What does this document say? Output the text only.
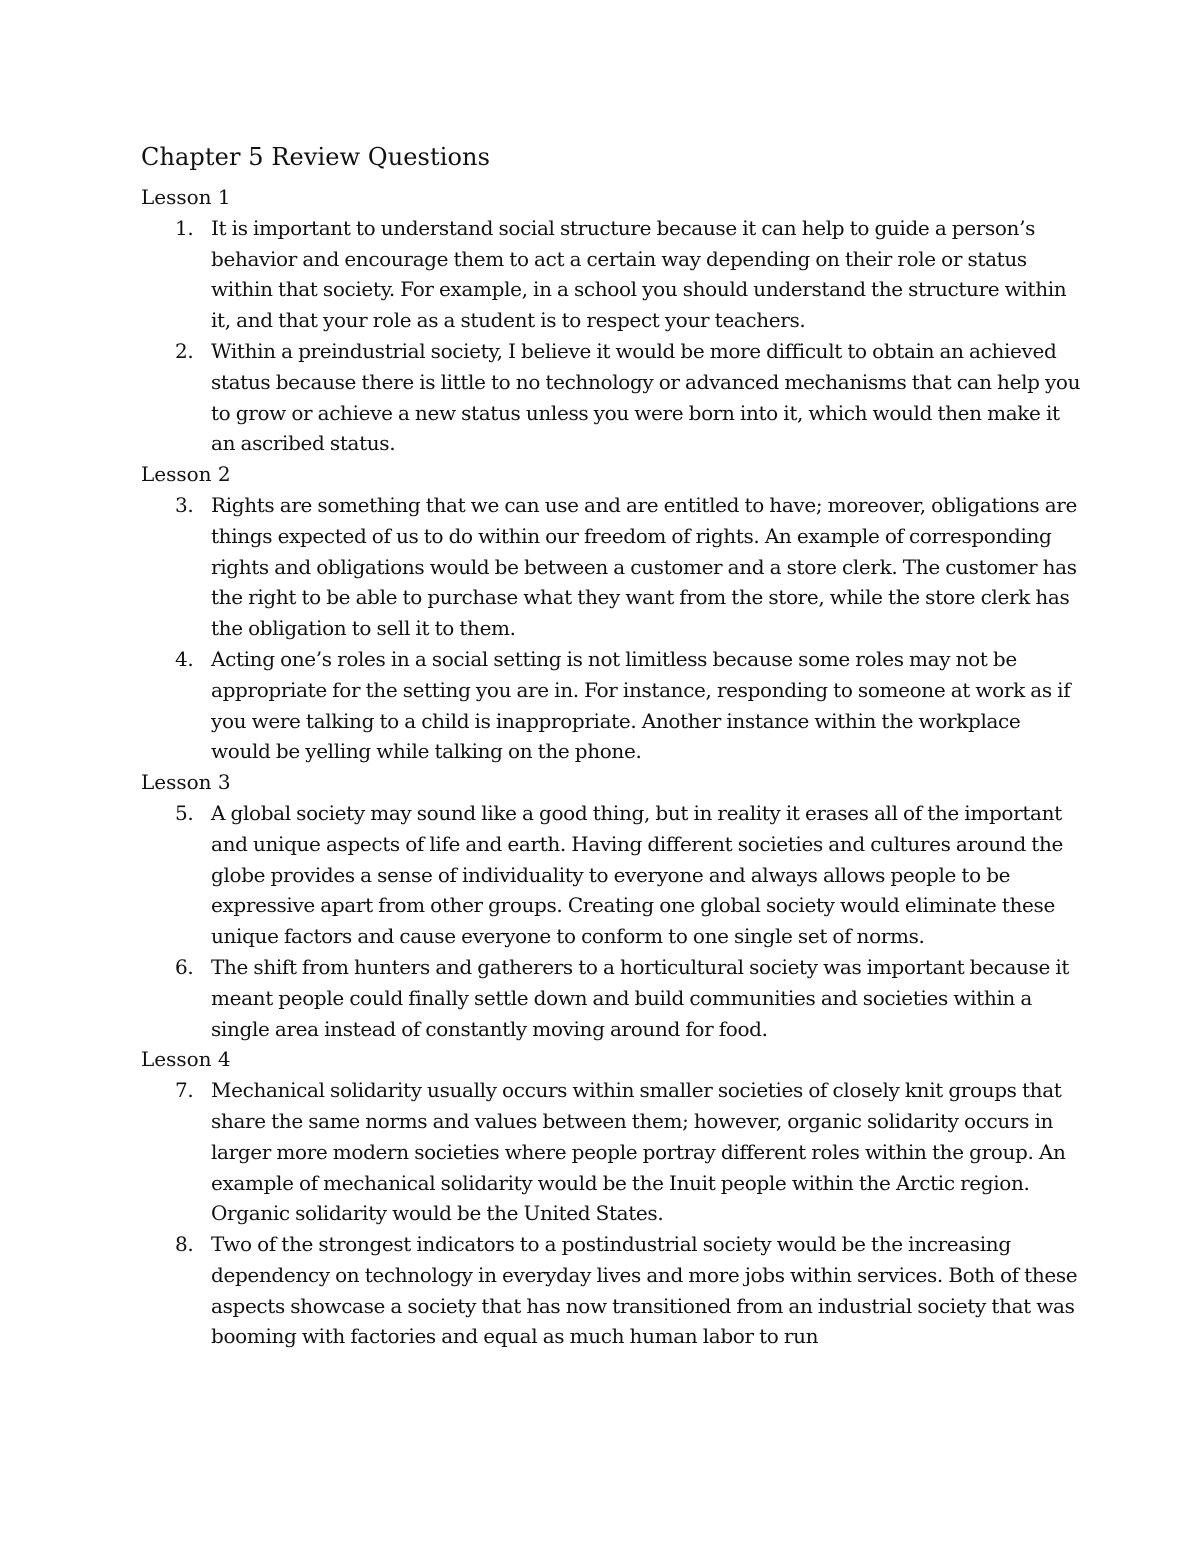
Chapter 5 Review Questions
Lesson 1
1. It is important to understand social structure because it can help to guide a person’s behavior and encourage them to act a certain way depending on their role or status within that society. For example, in a school you should understand the structure within it, and that your role as a student is to respect your teachers.
2. Within a preindustrial society, I believe it would be more difficult to obtain an achieved status because there is little to no technology or advanced mechanisms that can help you to grow or achieve a new status unless you were born into it, which would then make it an ascribed status.
Lesson 2
3. Rights are something that we can use and are entitled to have; moreover, obligations are things expected of us to do within our freedom of rights. An example of corresponding rights and obligations would be between a customer and a store clerk. The customer has the right to be able to purchase what they want from the store, while the store clerk has the obligation to sell it to them.
4. Acting one’s roles in a social setting is not limitless because some roles may not be appropriate for the setting you are in. For instance, responding to someone at work as if you were talking to a child is inappropriate. Another instance within the workplace would be yelling while talking on the phone.
Lesson 3
5. A global society may sound like a good thing, but in reality it erases all of the important and unique aspects of life and earth. Having different societies and cultures around the globe provides a sense of individuality to everyone and always allows people to be expressive apart from other groups. Creating one global society would eliminate these unique factors and cause everyone to conform to one single set of norms.
6. The shift from hunters and gatherers to a horticultural society was important because it meant people could finally settle down and build communities and societies within a single area instead of constantly moving around for food.
Lesson 4
7. Mechanical solidarity usually occurs within smaller societies of closely knit groups that share the same norms and values between them; however, organic solidarity occurs in larger more modern societies where people portray different roles within the group. An example of mechanical solidarity would be the Inuit people within the Arctic region. Organic solidarity would be the United States.
8. Two of the strongest indicators to a postindustrial society would be the increasing dependency on technology in everyday lives and more jobs within services. Both of these aspects showcase a society that has now transitioned from an industrial society that was booming with factories and equal as much human labor to run
